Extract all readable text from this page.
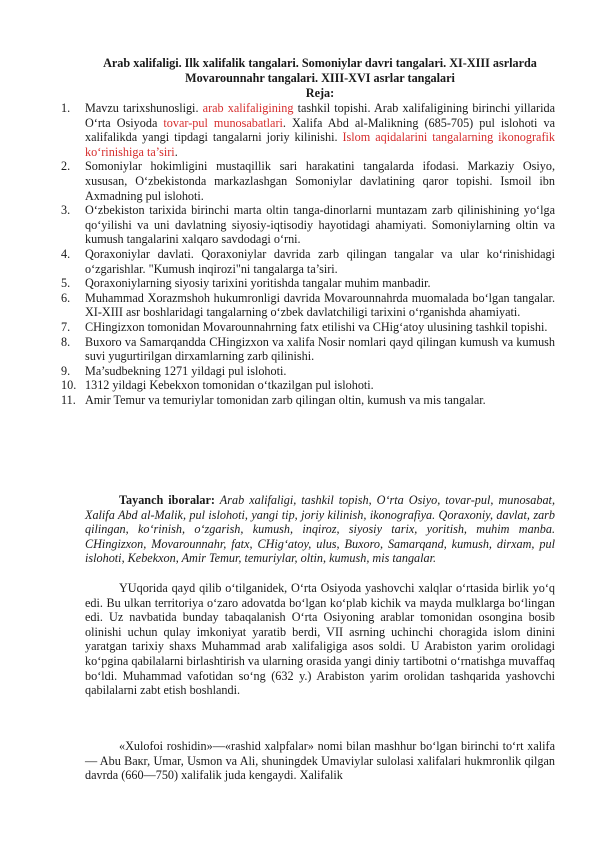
Arab xalifaligi. Ilk xalifalik tangalari. Somoniylar davri tangalari. XI-XIII asrlarda Movarounnahr tangalari. XIII-XVI asrlar tangalari
Reja:
1.	Mavzu tarixshunosligi. arab xalifaligining tashkil topishi. Arab xalifaligining birinchi yillarida O‘rta Osiyoda tovar-pul munosabatlari. Xalifa Abd al-Malikning (685-705) pul islohoti va xalifalikda yangi tipdagi tangalarni joriy kilinishi. Islom aqidalarini tangalarning ikonografik ko‘rinishiga ta’siri.
2.	Somoniylar hokimligini mustaqillik sari harakatini tangalarda ifodasi. Markaziy Osiyo, xususan, O‘zbekistonda markazlashgan Somoniylar davlatining qaror topishi. Ismoil ibn Axmadning pul islohoti.
3.	O‘zbekiston tarixida birinchi marta oltin tanga-dinorlarni muntazam zarb qilinishining yo‘lga qo‘yilishi va uni davlatning siyosiy-iqtisodiy hayotidagi ahamiyati. Somoniylarning oltin va kumush tangalarini xalqaro savdodagi o‘rni.
4.	Qoraxoniylar davlati. Qoraxoniylar davrida zarb qilingan tangalar va ular ko‘rinishidagi o‘zgarishlar. "Kumush inqirozi"ni tangalarga ta’siri.
5.	Qoraxoniylarning siyosiy tarixini yoritishda tangalar muhim manbadir.
6.	Muhammad Xorazmshoh hukumronligi davrida Movarounnahrda muomalada bo‘lgan tangalar. XI-XIII asr boshlaridagi tangalarning o‘zbek davlatchiligi tarixini o‘rganishda ahamiyati.
7.	CHingizxon tomonidan Movarounnahrning fatx etilishi va CHig‘atoy ulusining tashkil topishi.
8.	Buxoro va Samarqandda CHingizxon va xalifa Nosir nomlari qayd qilingan kumush va kumush suvi yugurtirilgan dirxamlarning zarb qilinishi.
9.	Ma’sudbekning 1271 yildagi pul islohoti.
10. 1312 yildagi Kebekxon tomonidan o‘tkazilgan pul islohoti.
11. Amir Temur va temuriylar tomonidan zarb qilingan oltin, kumush va mis tangalar.
Tayanch iboralar: Arab xalifaligi, tashkil topish, O‘rta Osiyo, tovar-pul, munosabat, Xalifa Abd al-Malik, pul islohoti, yangi tip, joriy kilinish, ikonografiya. Qoraxoniy, davlat, zarb qilingan, ko‘rinish, o‘zgarish, kumush, inqiroz, siyosiy tarix, yoritish, muhim manba. CHingizxon, Movarounnahr, fatx, CHig‘atoy, ulus, Buxoro, Samarqand, kumush, dirxam, pul islohoti, Kebekxon, Amir Temur, temuriylar, oltin, kumush, mis tangalar.
YUqorida qayd qilib o‘tilganidek, O‘rta Osiyoda yashovchi xalqlar o‘rtasida birlik yo‘q edi. Bu ulkan territoriya o‘zaro adovatda bo‘lgan ko‘plab kichik va mayda mulklarga bo‘lingan edi. Uz navbatida bunday tabaqalanish O‘rta Osiyoning arablar tomonidan osongina bosib olinishi uchun qulay imkoniyat yaratib berdi, VII asrning uchinchi choragida islom dinini yaratgan tarixiy shaxs Muhammad arab xalifaligiga asos soldi. U Arabiston yarim orolidagi ko‘pgina qabilalarni birlashtirish va ularning orasida yangi diniy tartibotni o‘rnatishga muvaffaq bo‘ldi. Muhammad vafotidan so‘ng (632 y.) Arabiston yarim orolidan tashqarida yashovchi qabilalarni zabt etish boshlandi.
«Xulofoi roshidin»—«rashid xalpfalar» nomi bilan mashhur bo‘lgan birinchi to‘rt xalifa — Abu Baкr, Umar, Usmon va Ali, shuningdek Umaviylar sulolasi xalifalari hukmronlik qilgan davrda (660—750) xalifalik juda kengaydi. Xalifalik
